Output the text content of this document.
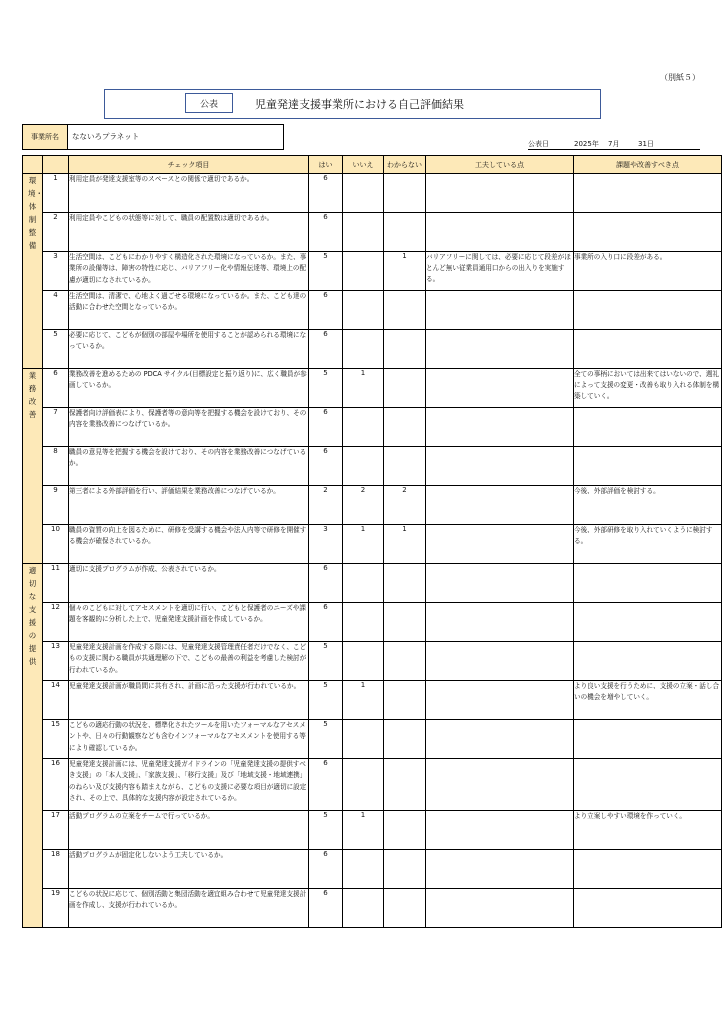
（別紙５）
公表	児童発達支援事業所における自己評価結果
事業所名	なないろプラネット
公表日	2025年 7月	31日
		チェック項目	はい	いいえ	わからない	工夫している点	課題や改善すべき点

環境・体制整備	1	利用定員が発達支援室等のスペースとの関係で適切であるか。	6				
	2	利用定員やこどもの状態等に対して、職員の配置数は適切であるか。	6				
	3	生活空間は、こどもにわかりやすく構造化された環境になっているか。また、事業所の設備等は、障害の特性に応じ、バリアフリー化や情報伝達等、環境上の配慮が適切になされているか。	5		1	バリアフリーに関しては、必要に応じて段差がほとんど無い従業員通用口からの出入りを実施する。	事業所の入り口に段差がある。
	4	生活空間は、清潔で、心地よく過ごせる環境になっているか。また、こども達の活動に合わせた空間となっているか。	6				
	5	必要に応じて、こどもが個別の部屋や場所を使用することが認められる環境になっているか。	6				

業務改善	6	業務改善を進めるための PDCA サイクル(目標設定と振り返り)に、広く職員が参画しているか。	5	1			全ての事柄においては出来てはいないので、週礼によって支援の変更・改善も取り入れる体制を構築していく。
	7	保護者向け評価表により、保護者等の意向等を把握する機会を設けており、その内容を業務改善につなげているか。	6				
	8	職員の意見等を把握する機会を設けており、その内容を業務改善につなげているか。	6				
	9	第三者による外部評価を行い、評価結果を業務改善につなげているか。	2	2	2		今後、外部評価を検討する。
	10	職員の資質の向上を図るために、研修を受講する機会や法人内等で研修を開催する機会が確保されているか。	3	1	1		今後、外部研修を取り入れていくように検討する。

適切な支援の提供	11	適切に支援プログラムが作成、公表されているか。	6				
	12	個々のこどもに対してアセスメントを適切に行い、こどもと保護者のニーズや課題を客観的に分析した上で、児童発達支援計画を作成しているか。	6				
	13	児童発達支援計画を作成する際には、児童発達支援管理責任者だけでなく、こどもの支援に関わる職員が共通理解の下で、こどもの最善の利益を考慮した検討が行われているか。	5				
	14	児童発達支援計画が職員間に共有され、計画に沿った支援が行われているか。	5	1			より良い支援を行うために、支援の立案・話し合いの機会を増やしていく。
	15	こどもの適応行動の状況を、標準化されたツールを用いたフォーマルなアセスメントや、日々の行動観察なども含むインフォーマルなアセスメントを使用する等により確認しているか。	5				
	16	児童発達支援計画には、児童発達支援ガイドラインの「児童発達支援の提供すべき支援」の「本人支援」、「家族支援」、「移行支援」及び「地域支援・地域連携」のねらい及び支援内容も踏まえながら、こどもの支援に必要な項目が適切に設定され、その上で、具体的な支援内容が設定されているか。	6				
	17	活動プログラムの立案をチームで行っているか。	5	1			より立案しやすい環境を作っていく。
	18	活動プログラムが固定化しないよう工夫しているか。	6				
	19	こどもの状況に応じて、個別活動と集団活動を適宜組み合わせて児童発達支援計画を作成し、支援が行われているか。	6				
